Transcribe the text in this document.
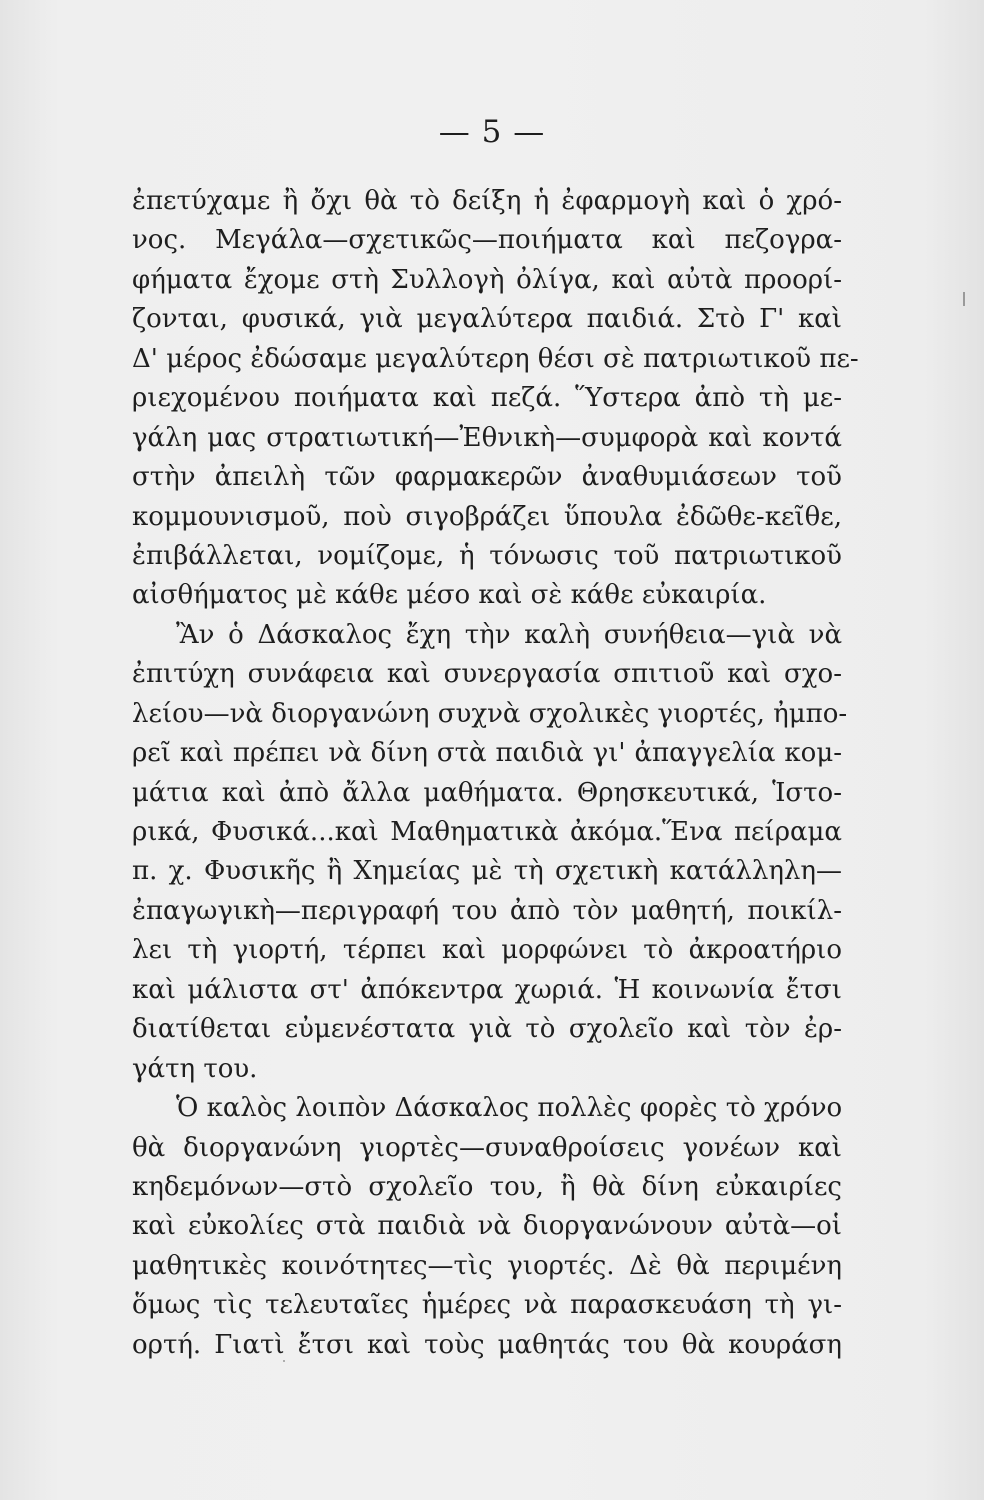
— 5 —
ἐπετύχαμε ἢ ὄχι θὰ τὸ δείξη ἡ ἐφαρμογὴ καὶ ὁ χρό-
νος. Μεγάλα—σχετικῶς—ποιήματα καὶ πεζογρα-
φήματα ἔχομε στὴ Συλλογὴ ὀλίγα, καὶ αὐτὰ προορί-
ζονται, φυσικά, γιὰ μεγαλύτερα παιδιά. Στὸ Γ' καὶ
Δ' μέρος ἐδώσαμε μεγαλύτερη θέσι σὲ πατριωτικοῦ πε-
ριεχομένου ποιήματα καὶ πεζά. Ὕστερα ἀπὸ τὴ με-
γάλη μας στρατιωτική—Ἐθνικὴ—συμφορὰ καὶ κοντά
στὴν ἀπειλὴ τῶν φαρμακερῶν ἀναθυμιάσεων τοῦ
κομμουνισμοῦ, ποὺ σιγοβράζει ὕπουλα ἐδῶθε-κεῖθε,
ἐπιβάλλεται, νομίζομε, ἡ τόνωσις τοῦ πατριωτικοῦ
αἰσθήματος μὲ κάθε μέσο καὶ σὲ κάθε εὐκαιρία.
Ἂν ὁ Δάσκαλος ἔχη τὴν καλὴ συνήθεια—γιὰ νὰ
ἐπιτύχη συνάφεια καὶ συνεργασία σπιτιοῦ καὶ σχο-
λείου—νὰ διοργανώνη συχνὰ σχολικὲς γιορτές, ἠμπο-
ρεῖ καὶ πρέπει νὰ δίνη στὰ παιδιὰ γι' ἀπαγγελία κομ-
μάτια καὶ ἀπὸ ἄλλα μαθήματα. Θρησκευτικά, Ἱστο-
ρικά, Φυσικά...καὶ Μαθηματικὰ ἀκόμα.Ἕνα πείραμα
π. χ. Φυσικῆς ἢ Χημείας μὲ τὴ σχετικὴ κατάλληλη—
ἐπαγωγικὴ—περιγραφή του ἀπὸ τὸν μαθητή, ποικίλ-
λει τὴ γιορτή, τέρπει καὶ μορφώνει τὸ ἀκροατήριο
καὶ μάλιστα στ' ἀπόκεντρα χωριά. Ἡ κοινωνία ἔτσι
διατίθεται εὐμενέστατα γιὰ τὸ σχολεῖο καὶ τὸν ἐρ-
γάτη του.
Ὁ καλὸς λοιπὸν Δάσκαλος πολλὲς φορὲς τὸ χρόνο
θὰ διοργανώνη γιορτὲς—συναθροίσεις γονέων καὶ
κηδεμόνων—στὸ σχολεῖο του, ἢ θὰ δίνη εὐκαιρίες
καὶ εὐκολίες στὰ παιδιὰ νὰ διοργανώνουν αὐτὰ—οἱ
μαθητικὲς κοινότητες—τὶς γιορτές. Δὲ θὰ περιμένη
ὅμως τὶς τελευταῖες ἡμέρες νὰ παρασκευάση τὴ γι-
ορτή. Γιατὶ ἔτσι καὶ τοὺς μαθητάς του θὰ κουράση
